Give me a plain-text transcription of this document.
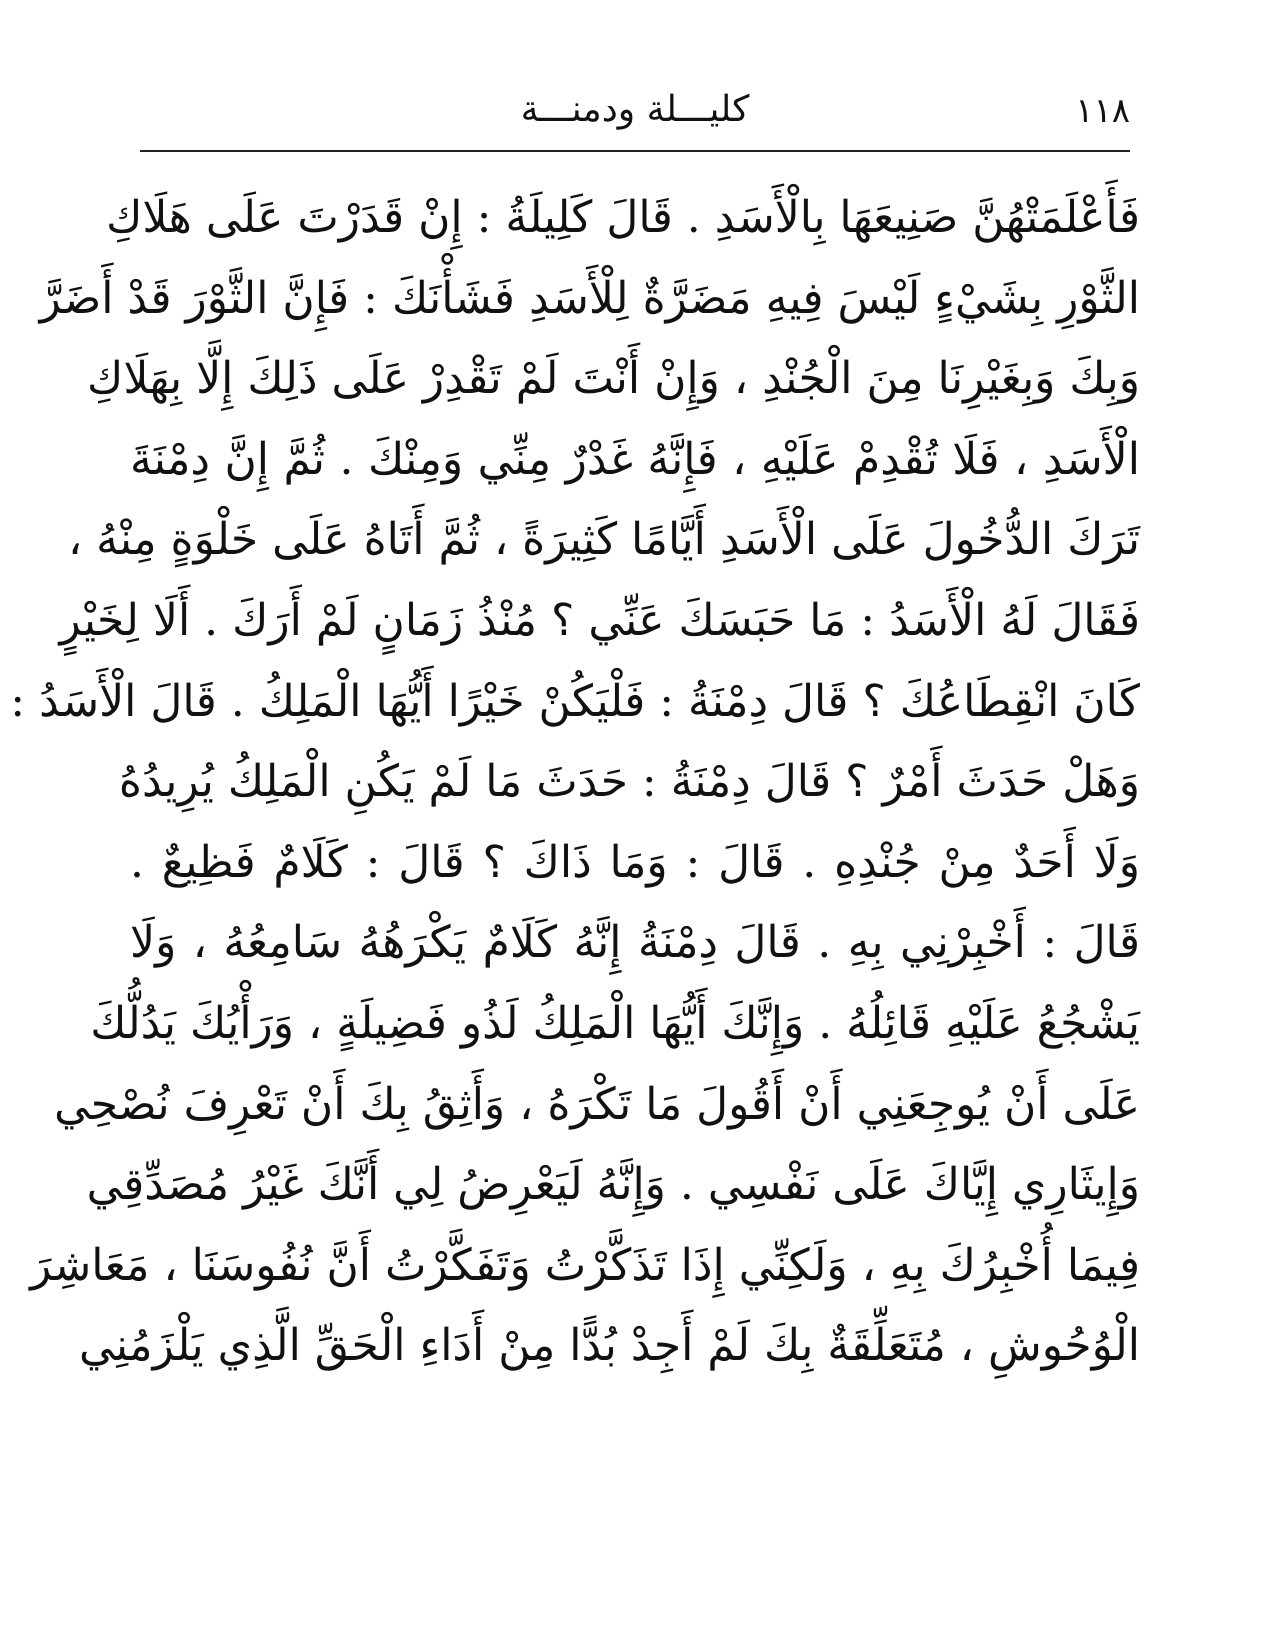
١١٨
كليـــلة ودمنـــة
فَأَعْلَمَتْهُنَّ صَنِيعَهَا بِالْأَسَدِ . قَالَ كَلِيلَةُ : إِنْ قَدَرْتَ عَلَى هَلَاكِ
الثَّوْرِ بِشَيْءٍ لَيْسَ فِيهِ مَضَرَّةٌ لِلْأَسَدِ فَشَأْنَكَ : فَإِنَّ الثَّوْرَ قَدْ أَضَرَّ
وَبِكَ وَبِغَيْرِنَا مِنَ الْجُنْدِ ، وَإِنْ أَنْتَ لَمْ تَقْدِرْ عَلَى ذَلِكَ إِلَّا بِهَلَاكِ
الْأَسَدِ ، فَلَا تُقْدِمْ عَلَيْهِ ، فَإِنَّهُ غَدْرٌ مِنِّي وَمِنْكَ . ثُمَّ إِنَّ دِمْنَةَ
تَرَكَ الدُّخُولَ عَلَى الْأَسَدِ أَيَّامًا كَثِيرَةً ، ثُمَّ أَتَاهُ عَلَى خَلْوَةٍ مِنْهُ ،
فَقَالَ لَهُ الْأَسَدُ : مَا حَبَسَكَ عَنِّي ؟ مُنْذُ زَمَانٍ لَمْ أَرَكَ . أَلَا لِخَيْرٍ
كَانَ انْقِطَاعُكَ ؟ قَالَ دِمْنَةُ : فَلْيَكُنْ خَيْرًا أَيُّهَا الْمَلِكُ . قَالَ الْأَسَدُ :
وَهَلْ حَدَثَ أَمْرٌ ؟ قَالَ دِمْنَةُ : حَدَثَ مَا لَمْ يَكُنِ الْمَلِكُ يُرِيدُهُ
وَلَا أَحَدٌ مِنْ جُنْدِهِ . قَالَ : وَمَا ذَاكَ ؟ قَالَ : كَلَامٌ فَظِيعٌ .
قَالَ : أَخْبِرْنِي بِهِ . قَالَ دِمْنَةُ إِنَّهُ كَلَامٌ يَكْرَهُهُ سَامِعُهُ ، وَلَا
يَشْجُعُ عَلَيْهِ قَائِلُهُ . وَإِنَّكَ أَيُّهَا الْمَلِكُ لَذُو فَضِيلَةٍ ، وَرَأْيُكَ يَدُلُّكَ
عَلَى أَنْ يُوجِعَنِي أَنْ أَقُولَ مَا تَكْرَهُ ، وَأَثِقُ بِكَ أَنْ تَعْرِفَ نُصْحِي
وَإِيثَارِي إِيَّاكَ عَلَى نَفْسِي . وَإِنَّهُ لَيَعْرِضُ لِي أَنَّكَ غَيْرُ مُصَدِّقِي
فِيمَا أُخْبِرُكَ بِهِ ، وَلَكِنِّي إِذَا تَذَكَّرْتُ وَتَفَكَّرْتُ أَنَّ نُفُوسَنَا ، مَعَاشِرَ
الْوُحُوشِ ، مُتَعَلِّقَةٌ بِكَ لَمْ أَجِدْ بُدًّا مِنْ أَدَاءِ الْحَقِّ الَّذِي يَلْزَمُنِي
